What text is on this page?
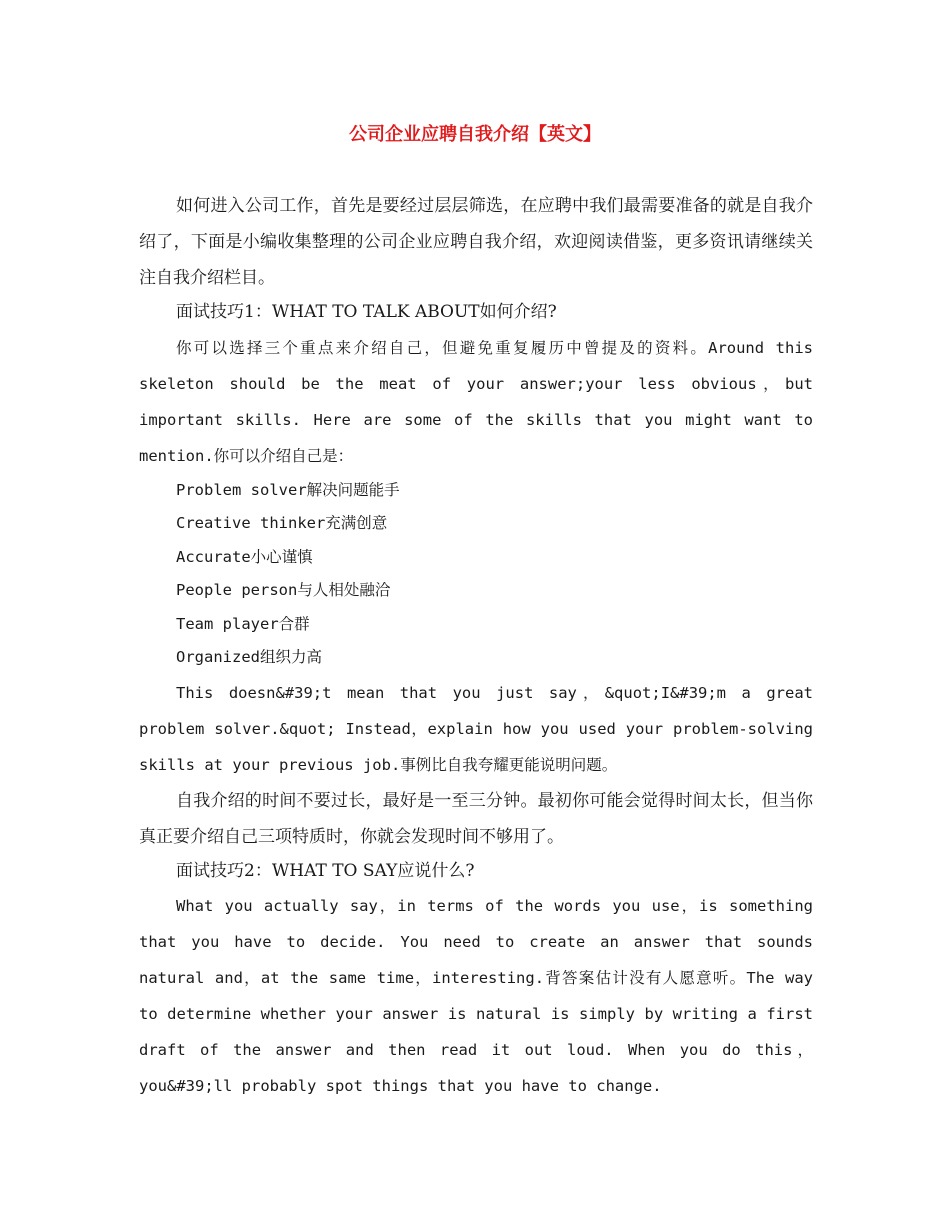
公司企业应聘自我介绍【英文】

如何进入公司工作，首先是要经过层层筛选，在应聘中我们最需要准备的就是自我介绍了，下面是小编收集整理的公司企业应聘自我介绍，欢迎阅读借鉴，更多资讯请继续关注自我介绍栏目。

面试技巧1：WHAT TO TALK ABOUT如何介绍?

你可以选择三个重点来介绍自己，但避免重复履历中曾提及的资料。Around this skeleton should be the meat of your answer;your less obvious，but important skills. Here are some of the skills that you might want to mention.你可以介绍自己是：

Problem solver解决问题能手

Creative thinker充满创意

Accurate小心谨慎

People person与人相处融洽

Team player合群

Organized组织力高

This doesn&#39;t mean that you just say，&quot;I&#39;m a great problem solver.&quot; Instead，explain how you used your problem-solving skills at your previous job.事例比自我夸耀更能说明问题。

自我介绍的时间不要过长，最好是一至三分钟。最初你可能会觉得时间太长，但当你真正要介绍自己三项特质时，你就会发现时间不够用了。

面试技巧2：WHAT TO SAY应说什么?

What you actually say，in terms of the words you use，is something that you have to decide. You need to create an answer that sounds natural and，at the same time，interesting.背答案估计没有人愿意听。The way to determine whether your answer is natural is simply by writing a first draft of the answer and then read it out loud. When you do this，you&#39;ll probably spot things that you have to change.
